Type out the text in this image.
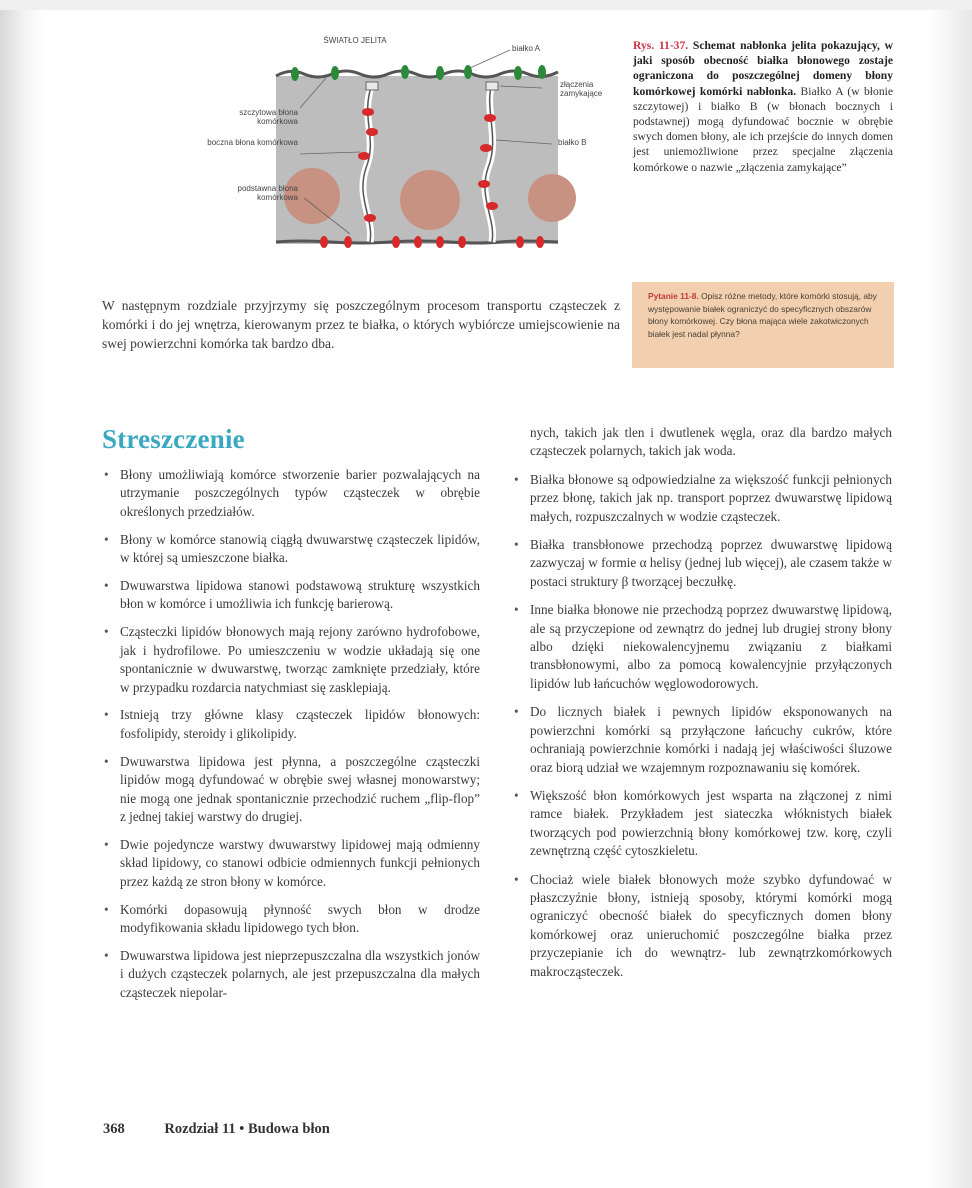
ŚWIATŁO JELITA
białko A
złączenia zamykające
białko B
szczytowa błona komórkowa
boczna błona komórkowa
podstawna błona komórkowa
Rys. 11-37. Schemat nabłonka jelita pokazujący, w jaki sposób obecność białka błonowego zostaje ograniczona do poszczególnej domeny błony komórkowej komórki nabłonka. Białko A (w błonie szczytowej) i białko B (w błonach bocznych i podstawnej) mogą dyfundować bocznie w obrębie swych domen błony, ale ich przejście do innych domen jest uniemożliwione przez specjalne złączenia komórkowe o nazwie „złączenia zamykające”
Pytanie 11-8. Opisz różne metody, które komórki stosują, aby występowanie białek ograniczyć do specyficznych obszarów błony komórkowej. Czy błona mająca wiele zakotwiczonych białek jest nadal płynna?
W następnym rozdziale przyjrzymy się poszczególnym procesom transportu cząsteczek z komórki i do jej wnętrza, kierowanym przez te białka, o których wybiórcze umiejscowienie na swej powierzchni komórka tak bardzo dba.
Streszczenie
• Błony umożliwiają komórce stworzenie barier pozwalających na utrzymanie poszczególnych typów cząsteczek w obrębie określonych przedziałów.
• Błony w komórce stanowią ciągłą dwuwarstwę cząsteczek lipidów, w której są umieszczone białka.
• Dwuwarstwa lipidowa stanowi podstawową strukturę wszystkich błon w komórce i umożliwia ich funkcję barierową.
• Cząsteczki lipidów błonowych mają rejony zarówno hydrofobowe, jak i hydrofilowe. Po umieszczeniu w wodzie układają się one spontanicznie w dwuwarstwę, tworząc zamknięte przedziały, które w przypadku rozdarcia natychmiast się zasklepiają.
• Istnieją trzy główne klasy cząsteczek lipidów błonowych: fosfolipidy, steroidy i glikolipidy.
• Dwuwarstwa lipidowa jest płynna, a poszczególne cząsteczki lipidów mogą dyfundować w obrębie swej własnej monowarstwy; nie mogą one jednak spontanicznie przechodzić ruchem „flip-flop” z jednej takiej warstwy do drugiej.
• Dwie pojedyncze warstwy dwuwarstwy lipidowej mają odmienny skład lipidowy, co stanowi odbicie odmiennych funkcji pełnionych przez każdą ze stron błony w komórce.
• Komórki dopasowują płynność swych błon w drodze modyfikowania składu lipidowego tych błon.
• Dwuwarstwa lipidowa jest nieprzepuszczalna dla wszystkich jonów i dużych cząsteczek polarnych, ale jest przepuszczalna dla małych cząsteczek niepolar-

nych, takich jak tlen i dwutlenek węgla, oraz dla bardzo małych cząsteczek polarnych, takich jak woda.

• Białka błonowe są odpowiedzialne za większość funkcji pełnionych przez błonę, takich jak np. transport poprzez dwuwarstwę lipidową małych, rozpuszczalnych w wodzie cząsteczek.
• Białka transbłonowe przechodzą poprzez dwuwarstwę lipidową zazwyczaj w formie α helisy (jednej lub więcej), ale czasem także w postaci struktury β tworzącej beczułkę.
• Inne białka błonowe nie przechodzą poprzez dwuwarstwę lipidową, ale są przyczepione od zewnątrz do jednej lub drugiej strony błony albo dzięki niekowalencyjnemu związaniu z białkami transbłonowymi, albo za pomocą kowalencyjnie przyłączonych lipidów lub łańcuchów węglowodorowych.
• Do licznych białek i pewnych lipidów eksponowanych na powierzchni komórki są przyłączone łańcuchy cukrów, które ochraniają powierzchnie komórki i nadają jej właściwości śluzowe oraz biorą udział we wzajemnym rozpoznawaniu się komórek.
• Większość błon komórkowych jest wsparta na złączonej z nimi ramce białek. Przykładem jest siateczka włóknistych białek tworzących pod powierzchnią błony komórkowej tzw. korę, czyli zewnętrzną część cytoszkieletu.
• Chociaż wiele białek błonowych może szybko dyfundować w płaszczyźnie błony, istnieją sposoby, którymi komórki mogą ograniczyć obecność białek do specyficznych domen błony komórkowej oraz unieruchomić poszczególne białka przez przyczepianie ich do wewnątrz- lub zewnątrzkomórkowych makrocząsteczek.
368	Rozdział 11 • Budowa błon
